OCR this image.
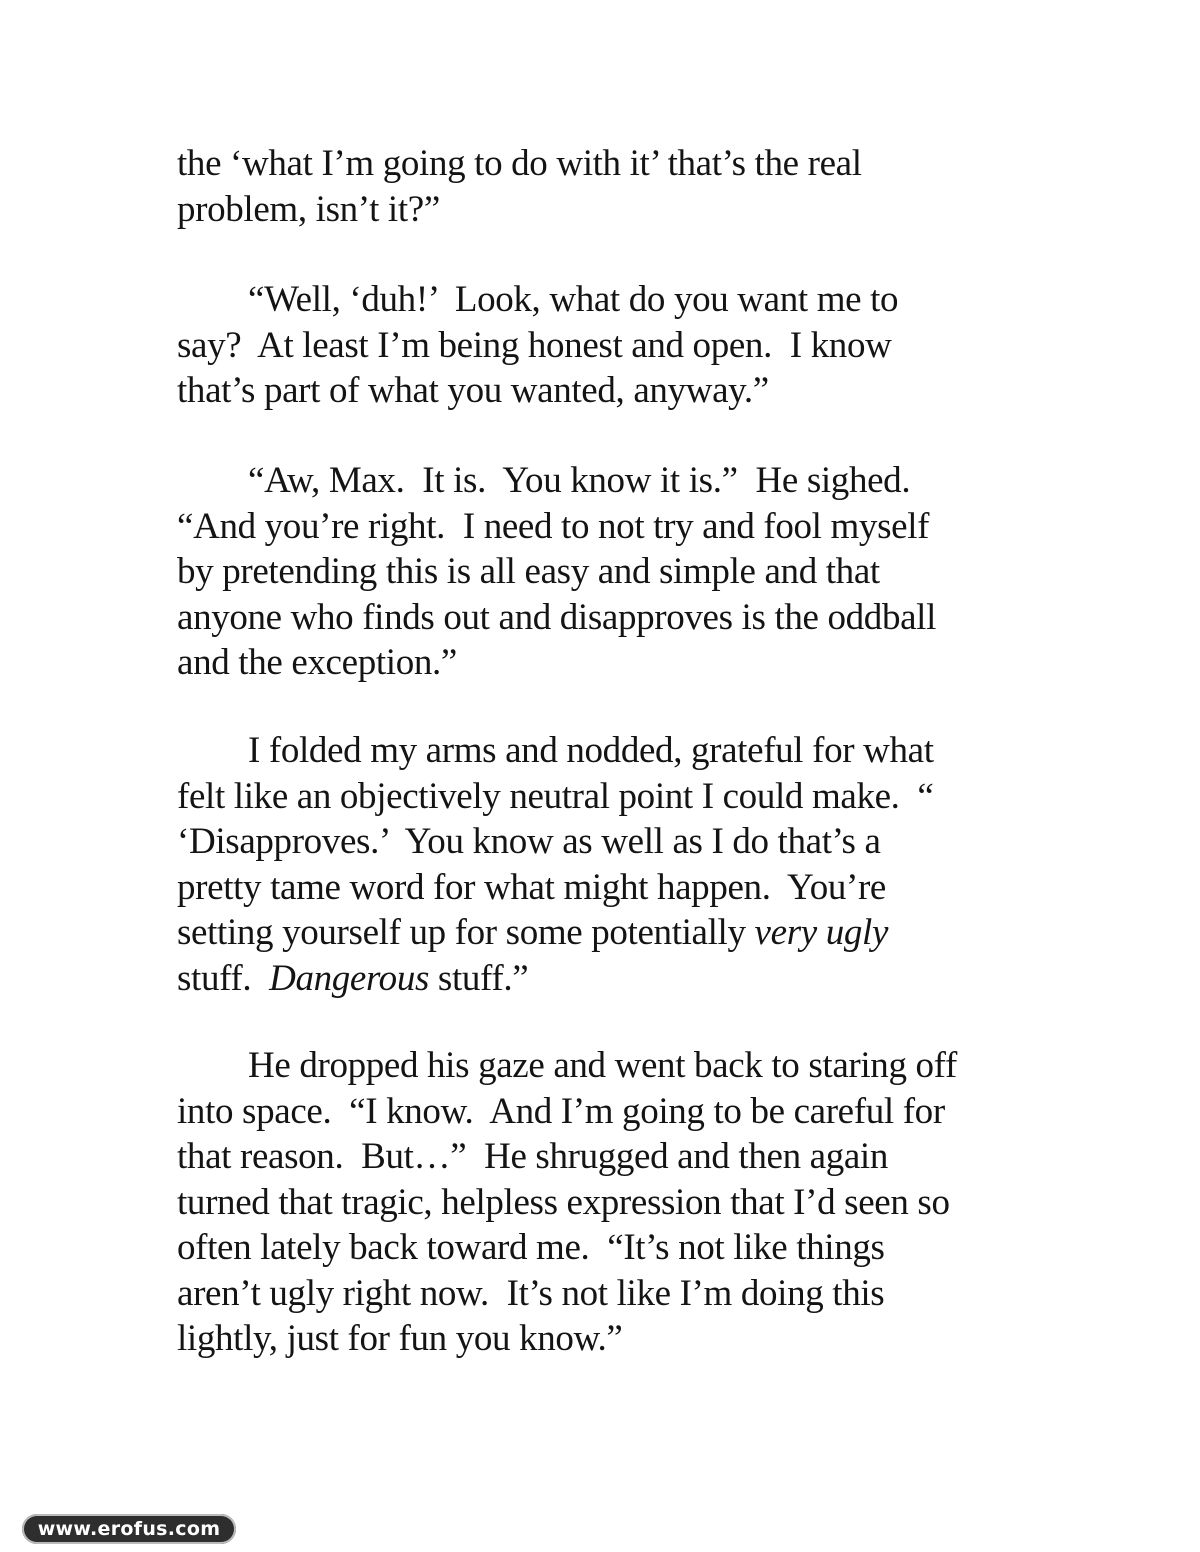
the ‘what I’m going to do with it’ that’s the real
problem, isn’t it?”
“Well, ‘duh!’  Look, what do you want me to
say?  At least I’m being honest and open.  I know
that’s part of what you wanted, anyway.”
“Aw, Max.  It is.  You know it is.”  He sighed.
“And you’re right.  I need to not try and fool myself
by pretending this is all easy and simple and that
anyone who finds out and disapproves is the oddball
and the exception.”
I folded my arms and nodded, grateful for what
felt like an objectively neutral point I could make.  “
‘Disapproves.’  You know as well as I do that’s a
pretty tame word for what might happen.  You’re
setting yourself up for some potentially very ugly
stuff.  Dangerous stuff.”
He dropped his gaze and went back to staring off
into space.  “I know.  And I’m going to be careful for
that reason.  But…”  He shrugged and then again
turned that tragic, helpless expression that I’d seen so
often lately back toward me.  “It’s not like things
aren’t ugly right now.  It’s not like I’m doing this
lightly, just for fun you know.”
www.erofus.com
